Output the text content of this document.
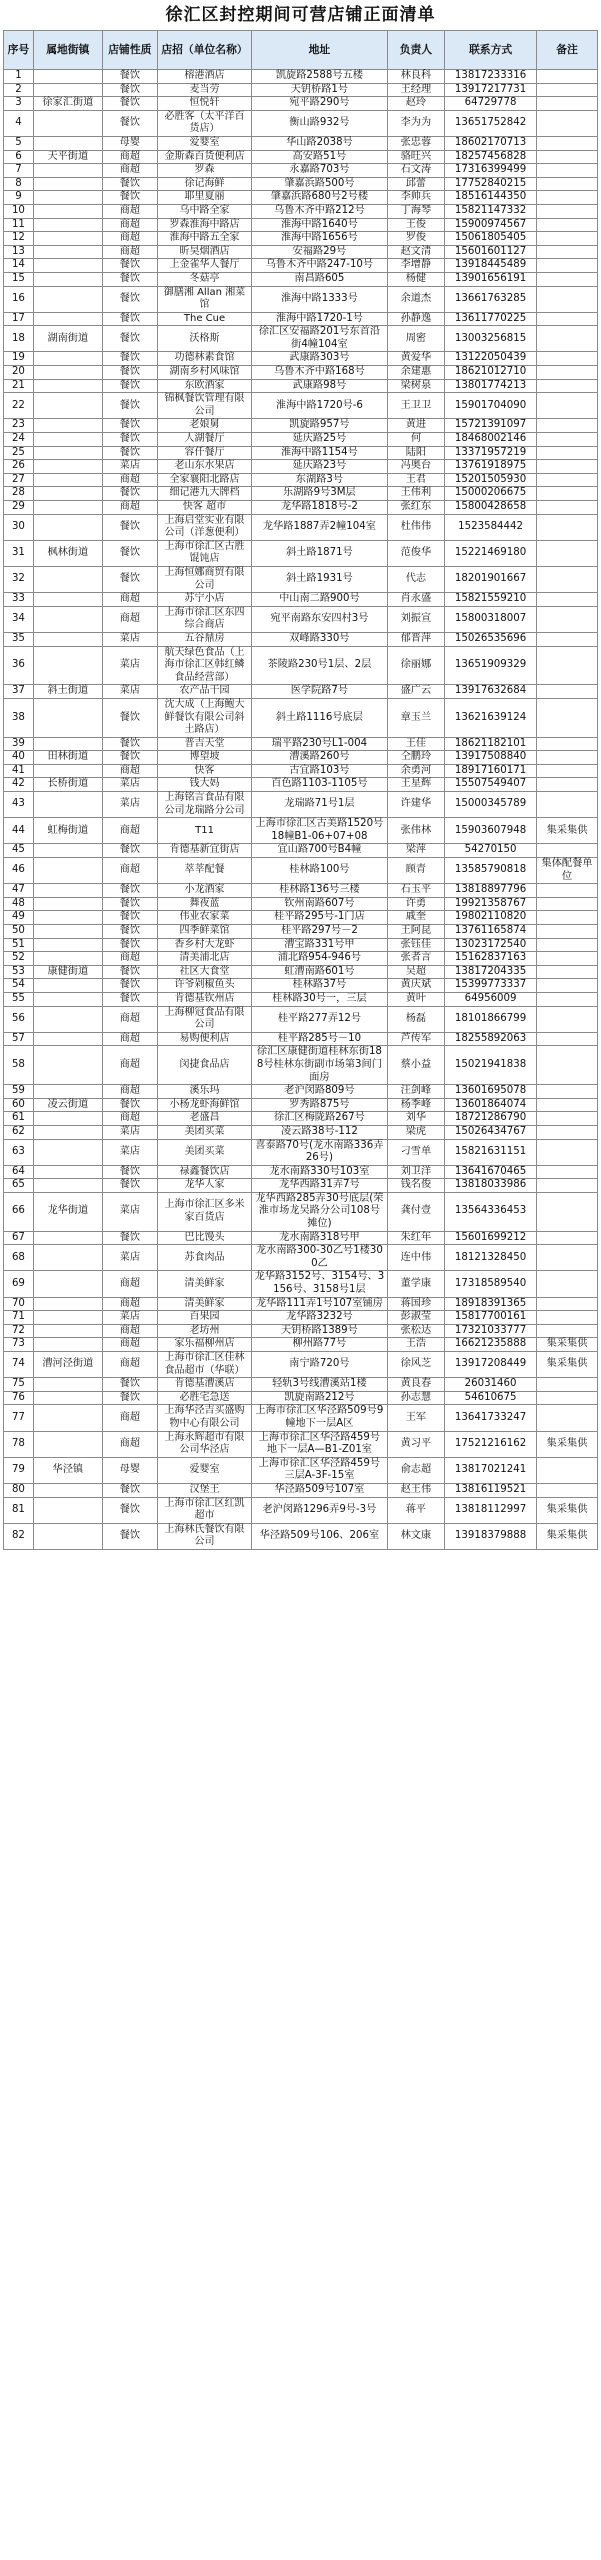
徐汇区封控期间可营店铺正面清单
序号	属地街镇	店铺性质	店招（单位名称）	地址	负责人	联系方式	备注
1		餐饮	榕港酒店	凯旋路2588号五楼	林良科	13817233316	
2		餐饮	麦当劳	天钥桥路1号	王经理	13917217731	
3	徐家汇街道	餐饮	恒悦轩	宛平路290号	赵玲	64729778	
4		餐饮	必胜客（太平洋百货店）	衡山路932号	李为为	13651752842	
5		母婴	爱婴室	华山路2038号	张忠蓉	18602170713	
6	天平街道	商超	金斯森百货便利店	高安路51号	骆旺兴	18257456828	
7		商超	罗森	永嘉路703号	石文涛	17316399499	
8		餐饮	徐记海鲜	肇嘉浜路500号	邱蕾	17752840215	
9		餐饮	耶里夏丽	肇嘉浜路680号2号楼	李帅兵	18516144350	
10		商超	乌中路全家	乌鲁木齐中路212号	丁海琴	15821147332	
11		商超	罗森淮海中路店	淮海中路1640号	王俊	15900974567	
12		商超	淮海中路五全家	淮海中路1656号	罗俊	15061805405	
13		商超	昕昊烟酒店	安福路29号	赵文清	15601601127	
14		餐饮	上金雀华人餐厅	乌鲁木齐中路247-10号	李增静	13918445489	
15		餐饮	冬菇亭	南昌路605	杨健	13901656191	
16		餐饮	御膳湘 Allan 湘菜馆	淮海中路1333号	余道杰	13661763285	
17		餐饮	The Cue	淮海中路1720-1号	孙静逸	13611770225	
18	湖南街道	餐饮	沃格斯	徐汇区安福路201号东首沿街4幢104室	周密	13003256815	
19		餐饮	功德林素食馆	武康路303号	黄爱华	13122050439	
20		餐饮	湖南乡村风味馆	乌鲁木齐中路168号	余建惠	18621012710	
21		餐饮	东欧酒家	武康路98号	梁树泉	13801774213	
22		餐饮	锦枫餐饮管理有限公司	淮海中路1720号-6	王卫卫	15901704090	
23		餐饮	老娘舅	凯旋路957号	黄进	15721391097	
24		餐饮	人湖餐厅	延庆路25号	何	18468002146	
25		餐饮	容仟餐厅	淮海中路1154号	陆阳	13371957219	
26		菜店	老山东水果店	延庆路23号	冯奥台	13761918975	
27		商超	全家襄阳北路店	东湖路3号	王君	15201505930	
28		餐饮	细记港九大牌档	乐湖路9号3M层	王伟利	15000206675	
29		商超	快客 超市	龙华路1818号-2	张红东	15800428658	
30		餐饮	上海启堂实业有限公司（洋葱便利）	龙华路1887弄2幢104室	杜伟伟	1523584442	
31	枫林街道	餐饮	上海市徐汇区古胜馄饨店	斜土路1871号	范俊华	15221469180	
32		餐饮	上海恒娜商贸有限公司	斜土路1931号	代志	18201901667	
33		商超	苏宁小店	中山南二路900号	肖永盛	15821559210	
34		商超	上海市徐汇区东四综合商店	宛平南路东安四村3号	刘振宣	15800318007	
35		菜店	五谷鼎房	双峰路330号	郁晋萍	15026535696	
36		菜店	航天绿色食品（上海市徐汇区韩红鳞食品经营部）	茶陵路230号1层、2层	徐丽娜	13651909329	
37	斜土街道	菜店	农产品干园	医学院路7号	盛广云	13917632684	
38		餐饮	沈大成（上海鲍大鲜餐饮有限公司斜土路店）	斜土路1116号底层	章玉兰	13621639124	
39		餐饮	普吉天堂	瑞平路230号L1-004	王佳	18621182101	
40	田林街道	餐饮	博望坡	漕溪路260号	仝鹏玲	13917508840	
41		商超	快客	古宜路103号	余勇河	18917160171	
42	长桥街道	菜店	钱大妈	百色路1103-1105号	王星辉	15507549407	
43		菜店	上海铭言食品有限公司龙瑞路分公司	龙瑞路71号1层	许建华	15000345789	
44	虹梅街道	商超	T11	上海市徐汇区古美路1520号18幢B1-06+07+08	张伟林	15903607948	集采集供
45		餐饮	肯德基新宜街店	宜山路700号B4幢	梁萍	54270150	
46		商超	萃莘配餐	桂林路100号	顾青	13585790818	集体配餐单位
47		餐饮	小龙酒家	桂林路136号三楼	石玉平	13818897796	
48		餐饮	舞夜蓝	钦州南路607号	许勇	19921358767	
49		餐饮	伟业农家菜	桂平路295号-1门店	戚奎	19802110820	
50		餐饮	四季鲜菜馆	桂平路297号－2	王阿昆	13761165874	
51		餐饮	香乡村大龙虾	漕宝路331号甲	张钰佳	13023172540	
52		商超	清美浦北店	浦北路954-946号	张者言	15162837163	
53	康健街道	餐饮	社区大食堂	虹漕南路601号	吴超	13817204335	
54		餐饮	许爷剁椒鱼头	桂林路37号	黄庆斌	15399773337	
55		餐饮	肯德基钦州店	桂林路30号一，三层	黄叶	64956009	
56		商超	上海柳冠食品有限公司	桂平路277弄12号	杨磊	18101866799	
57		商超	易购便利店	桂平路285号－10	芦传军	18255892063	
58		商超	闵捷食品店	徐汇区康健街道桂林东街188号桂林东街副市场第3间门面房	蔡小益	15021941838	
59		商超	溪乐玛	老沪闵路809号	汪剑峰	13601695078	
60	凌云街道	餐饮	小杨龙虾海鲜馆	罗秀路875号	杨季峰	13601864074	
61		商超	老盛昌	徐汇区梅陇路267号	刘华	18721286790	
62		菜店	美团买菜	凌云路38号-112	梁虎	15026434767	
63		菜店	美团买菜	喜泰路70号(龙水南路336弄26号)	刁雪单	15821631151	
64		餐饮	禄鑫餐饮店	龙水南路330号103室	刘卫洋	13641670465	
65		餐饮	龙华人家	龙华西路31弄7号	钱名俊	13818033986	
66	龙华街道	菜店	上海市徐汇区多米家百货店	龙华西路285弄30号底层(荣淮市场龙吴路分公司108号摊位)	龚付壹	13564336453	
67		餐饮	巴比馒头	龙水南路318号甲	朱红年	15601699212	
68		菜店	苏食肉品	龙水南路300-30乙号1楼300乙	连中伟	18121328450	
69		商超	清美鲜家	龙华路3152号、3154号、3156号、3158号1层	董学康	17318589540	
70		商超	清美鲜家	龙华路111弄1号107室铺房	蒋国珍	18918391365	
71		菜店	百果园	龙华路3232号	彭淑莹	15817700161	
72		商超	老坊州	天钥桥路1389号	张松达	17321033777	
73		商超	家乐福柳州店	柳州路77号	王浩	16621235888	集采集供
74	漕河泾街道	商超	上海市徐汇区佳林食品超市（华联）	南宁路720号	徐风芝	13917208449	集采集供
75		餐饮	肯德基漕溪店	轻轨3号线漕溪站1楼	黄良春	26031460	
76		餐饮	必胜宅急送	凯旋南路212号	孙志慧	54610675	
77		商超	上海华泾吉买盛购物中心有限公司	上海市徐汇区华泾路509号9幢地下一层A区	王军	13641733247	
78		商超	上海永辉超市有限公司华泾店	上海市徐汇区华泾路459号地下一层A—B1-Z01室	黄习平	17521216162	集采集供
79	华泾镇	母婴	爱婴室	上海市徐汇区华泾路459号三层A-3F-15室	俞志超	13817021241	
80		餐饮	汉堡王	华泾路509号107室	赵王伟	13816119521	
81		餐饮	上海市徐汇区红凯超市	老沪闵路1296弄9号-3号	蒋平	13818112997	集采集供
82		餐饮	上海林氏餐饮有限公司	华泾路509号106、206室	林文康	13918379888	集采集供
